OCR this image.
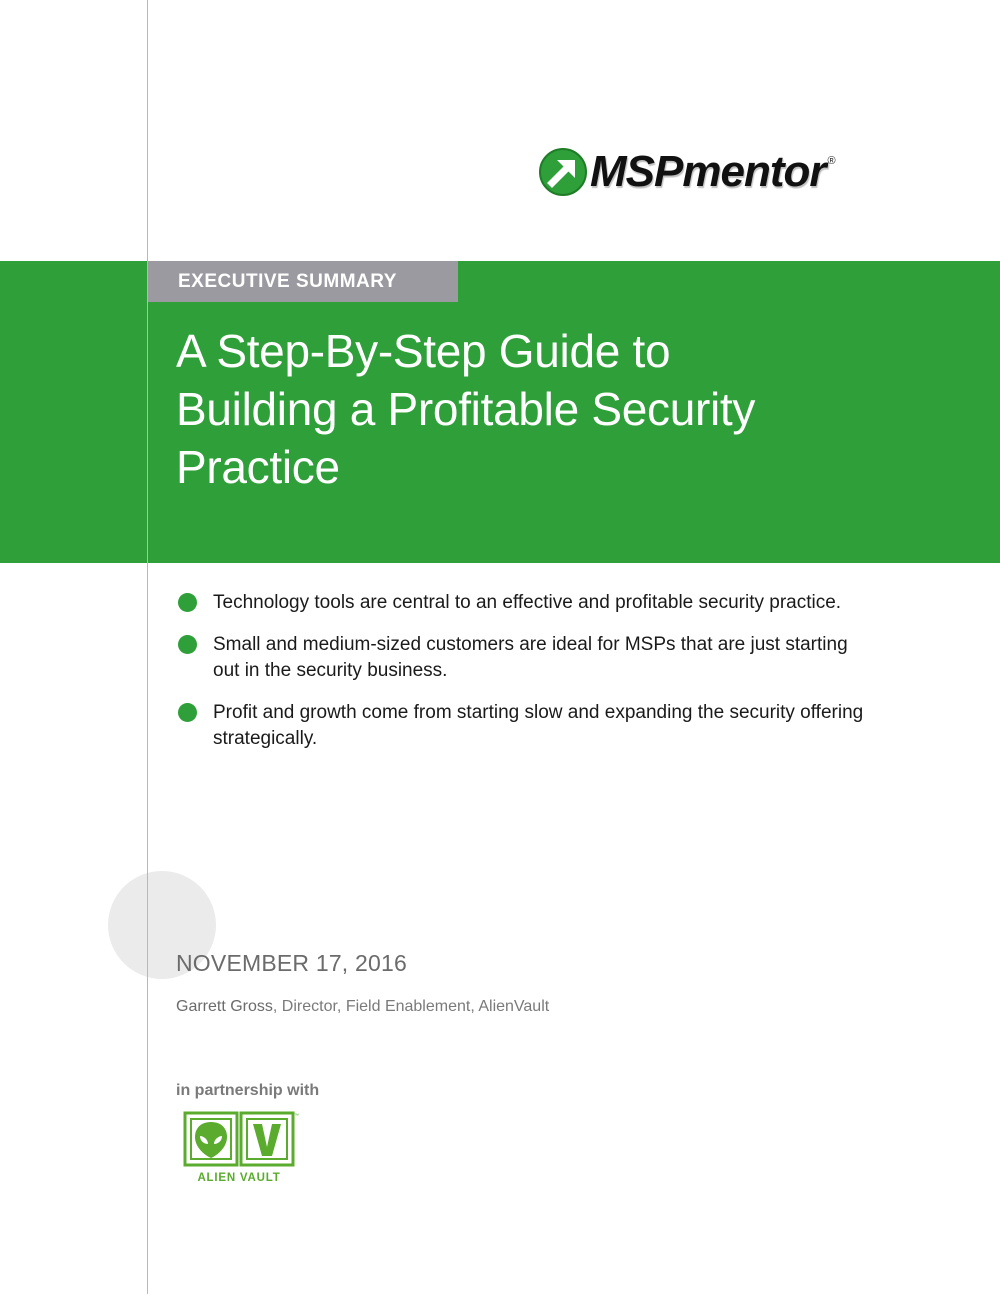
MSPmentor ®
EXECUTIVE SUMMARY
A Step-By-Step Guide to
Building a Profitable Security
Practice
Technology tools are central to an effective and profitable security practice.
Small and medium-sized customers are ideal for MSPs that are just starting
out in the security business.
Profit and growth come from starting slow and expanding the security offering
strategically.
NOVEMBER 17, 2016
Garrett Gross, Director, Field Enablement, AlienVault
in partnership with
ALIEN VAULT
™
